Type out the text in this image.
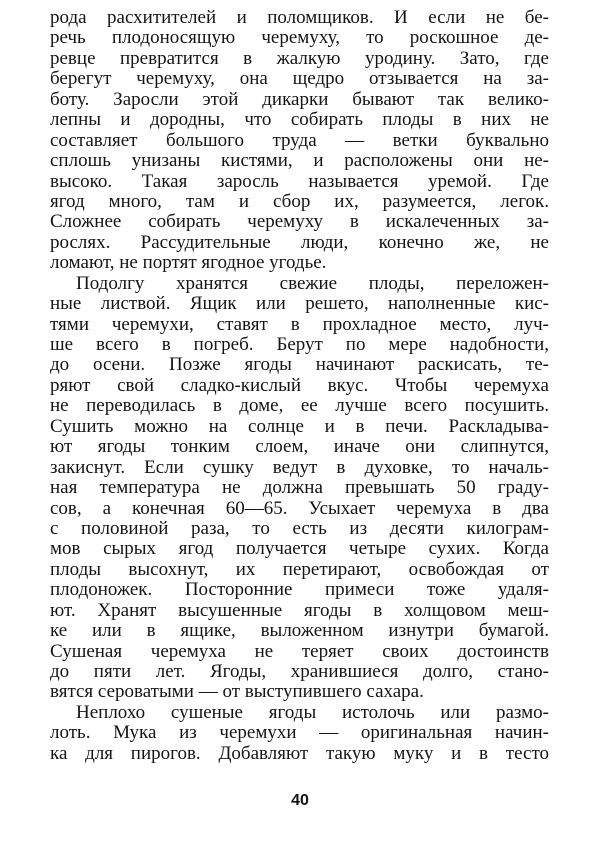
рода расхитителей и поломщиков. И если не бе-
речь плодоносящую черемуху, то роскошное де-
ревце превратится в жалкую уродину. Зато, где
берегут черемуху, она щедро отзывается на за-
боту. Заросли этой дикарки бывают так велико-
лепны и дородны, что собирать плоды в них не
составляет большого труда — ветки буквально
сплошь унизаны кистями, и расположены они не-
высоко. Такая заросль называется уремой. Где
ягод много, там и сбор их, разумеется, легок.
Сложнее собирать черемуху в искалеченных за-
рослях. Рассудительные люди, конечно же, не
ломают, не портят ягодное угодье.
Подолгу хранятся свежие плоды, переложен-
ные листвой. Ящик или решето, наполненные кис-
тями черемухи, ставят в прохладное место, луч-
ше всего в погреб. Берут по мере надобности,
до осени. Позже ягоды начинают раскисать, те-
ряют свой сладко-кислый вкус. Чтобы черемуха
не переводилась в доме, ее лучше всего посушить.
Сушить можно на солнце и в печи. Раскладыва-
ют ягоды тонким слоем, иначе они слипнутся,
закиснут. Если сушку ведут в духовке, то началь-
ная температура не должна превышать 50 граду-
сов, а конечная 60—65. Усыхает черемуха в два
с половиной раза, то есть из десяти килограм-
мов сырых ягод получается четыре сухих. Когда
плоды высохнут, их перетирают, освобождая от
плодоножек. Посторонние примеси тоже удаля-
ют. Хранят высушенные ягоды в холщовом меш-
ке или в ящике, выложенном изнутри бумагой.
Сушеная черемуха не теряет своих достоинств
до пяти лет. Ягоды, хранившиеся долго, стано-
вятся сероватыми — от выступившего сахара.
Неплохо сушеные ягоды истолочь или размо-
лоть. Мука из черемухи — оригинальная начин-
ка для пирогов. Добавляют такую муку и в тесто
40
